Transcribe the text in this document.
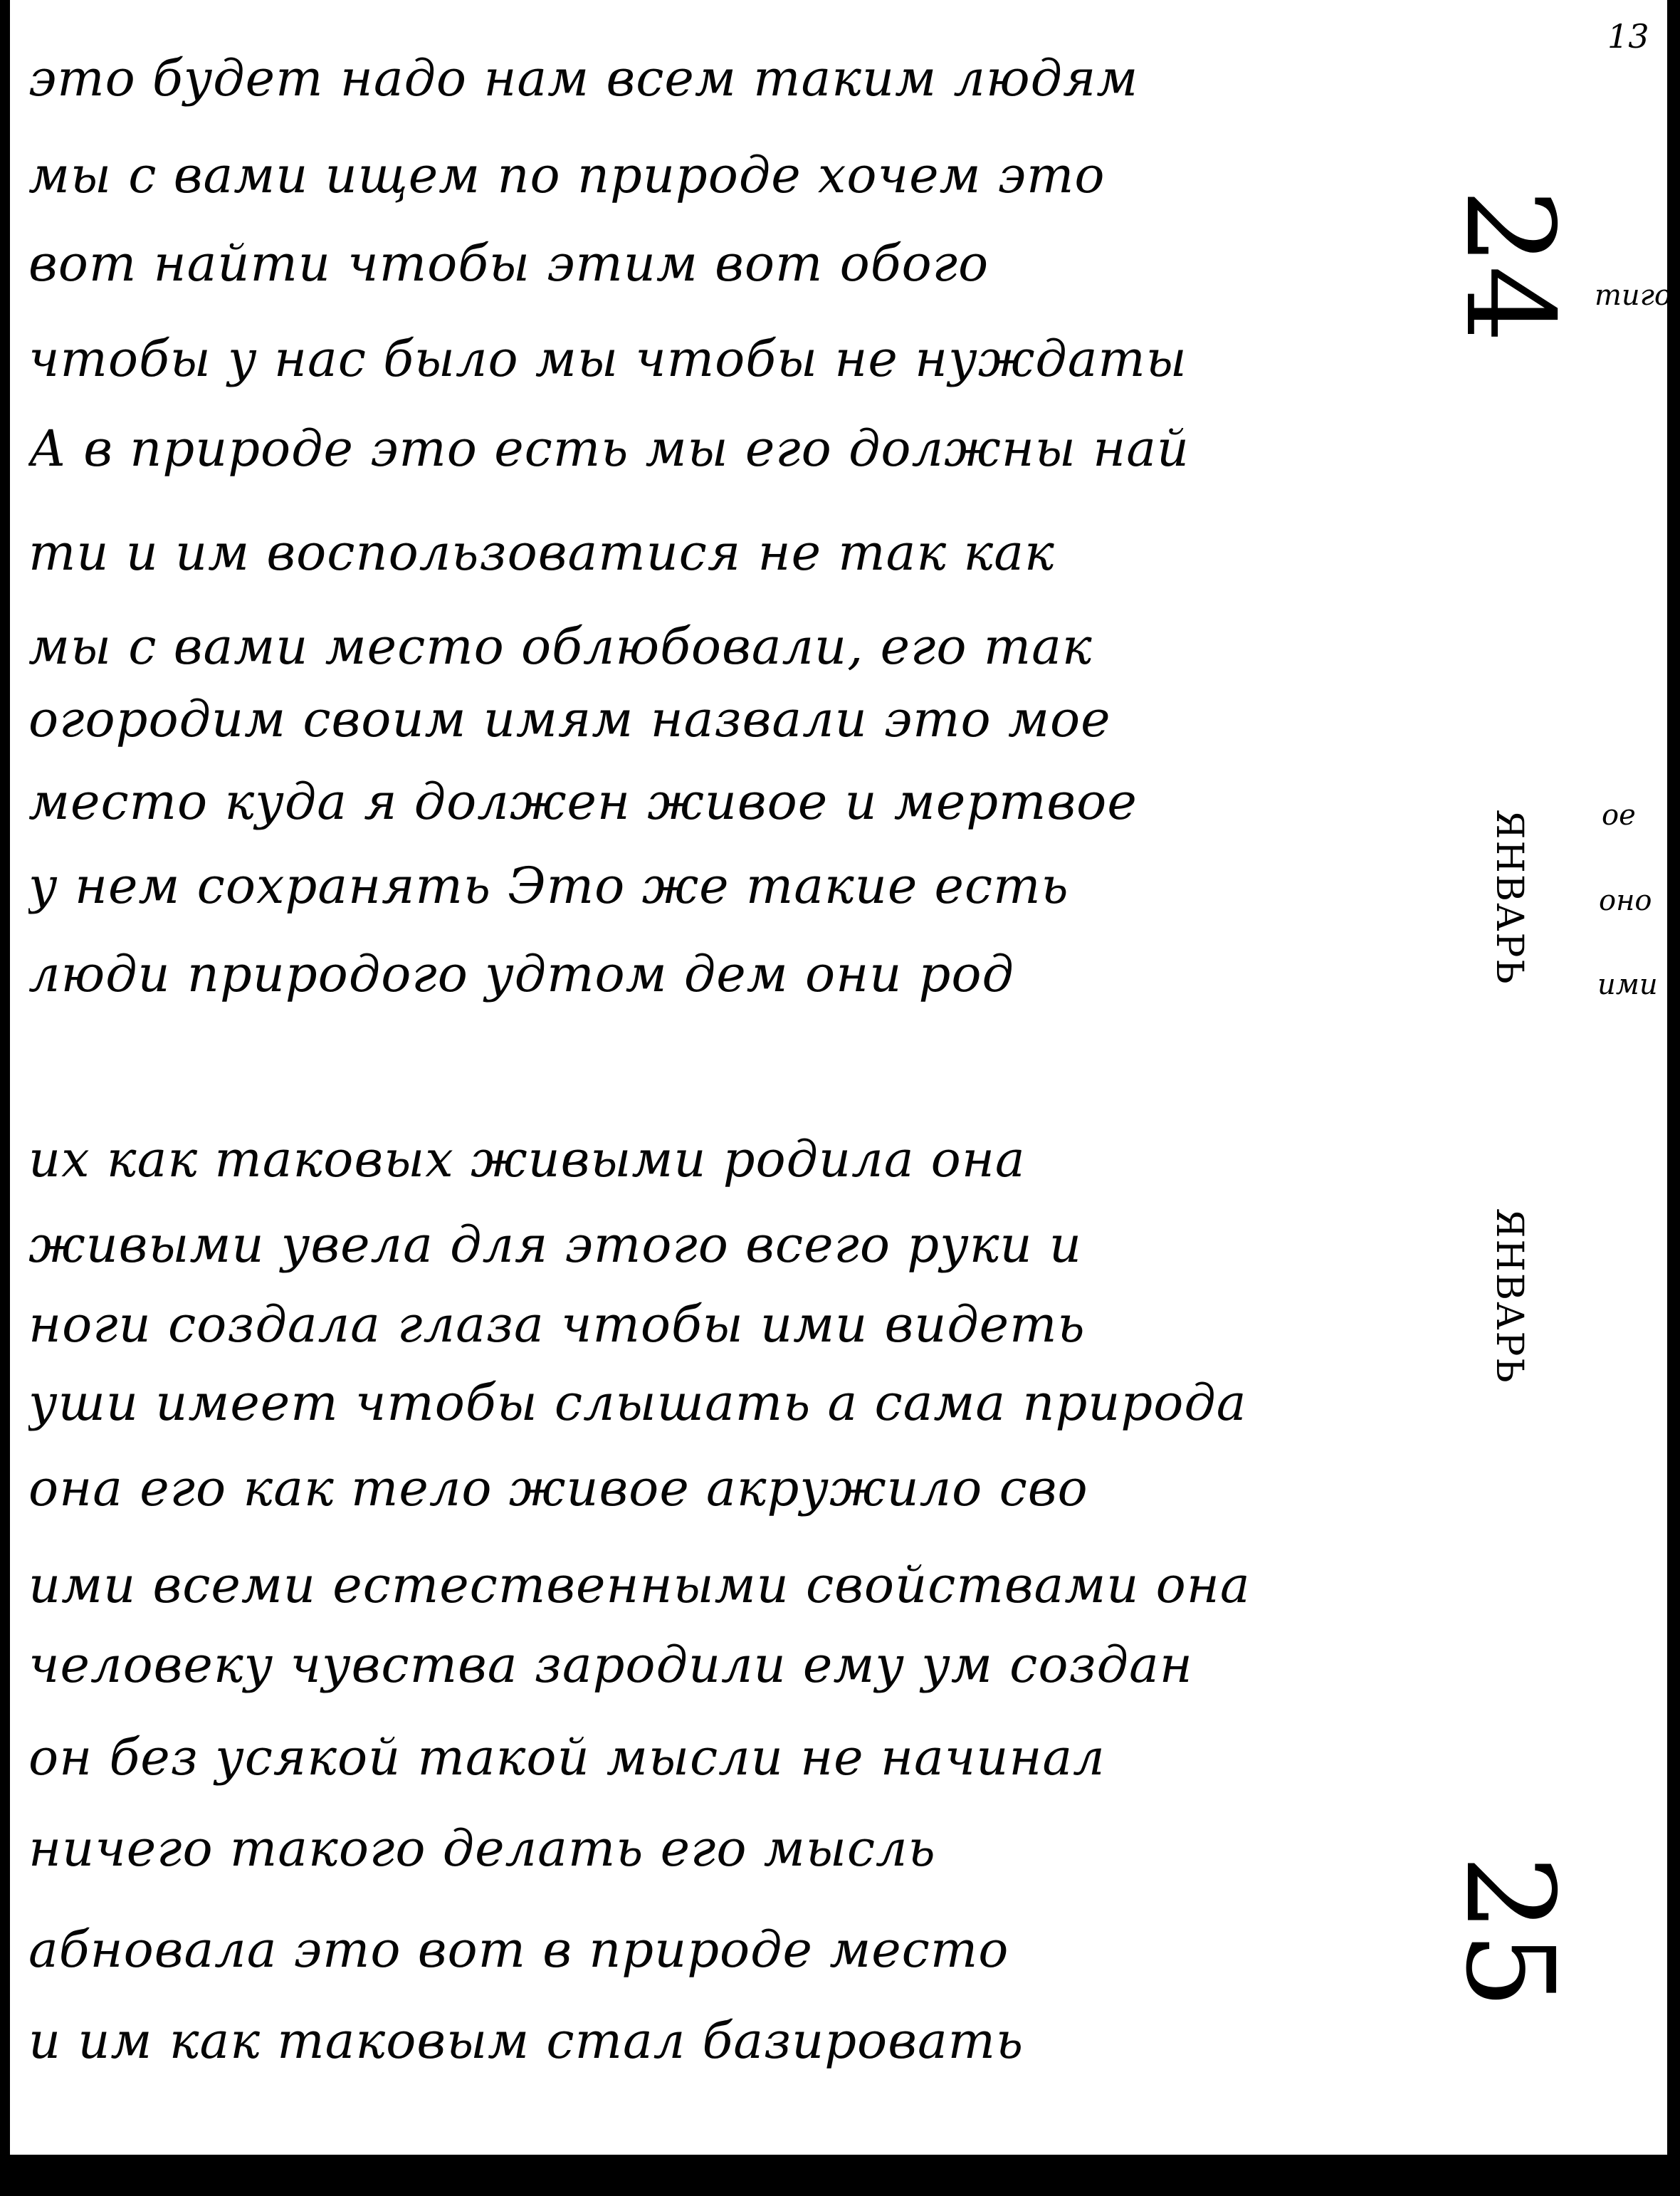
13
это будет надо нам всем таким людям
мы с вами ищем по природе хочем это
вот найти чтобы этим вот обого
чтобы у нас было мы чтобы не нуждаты
А в природе это есть мы его должны най
ти и им воспользоватися не так как
мы с вами место облюбовали, его так
огородим своим имям назвали это мое
место куда я должен живое и мертвое
у нем сохранять Это же такие есть
люди природого удтом дем они род
их как таковых живыми родила она
живыми увела для этого всего руки и
ноги создала глаза чтобы ими видеть
уши имеет чтобы слышать а сама природа
она его как тело живое акружило сво
ими всеми естественными свойствами она
человеку чувства зародили ему ум создан
он без усякой такой мысли не начинал
ничего такого делать его мысль
абновала это вот в природе место
и им как таковым стал базировать
24
ЯНВАРЬ
ЯНВАРЬ
25
тиго
ое
оно
ими
